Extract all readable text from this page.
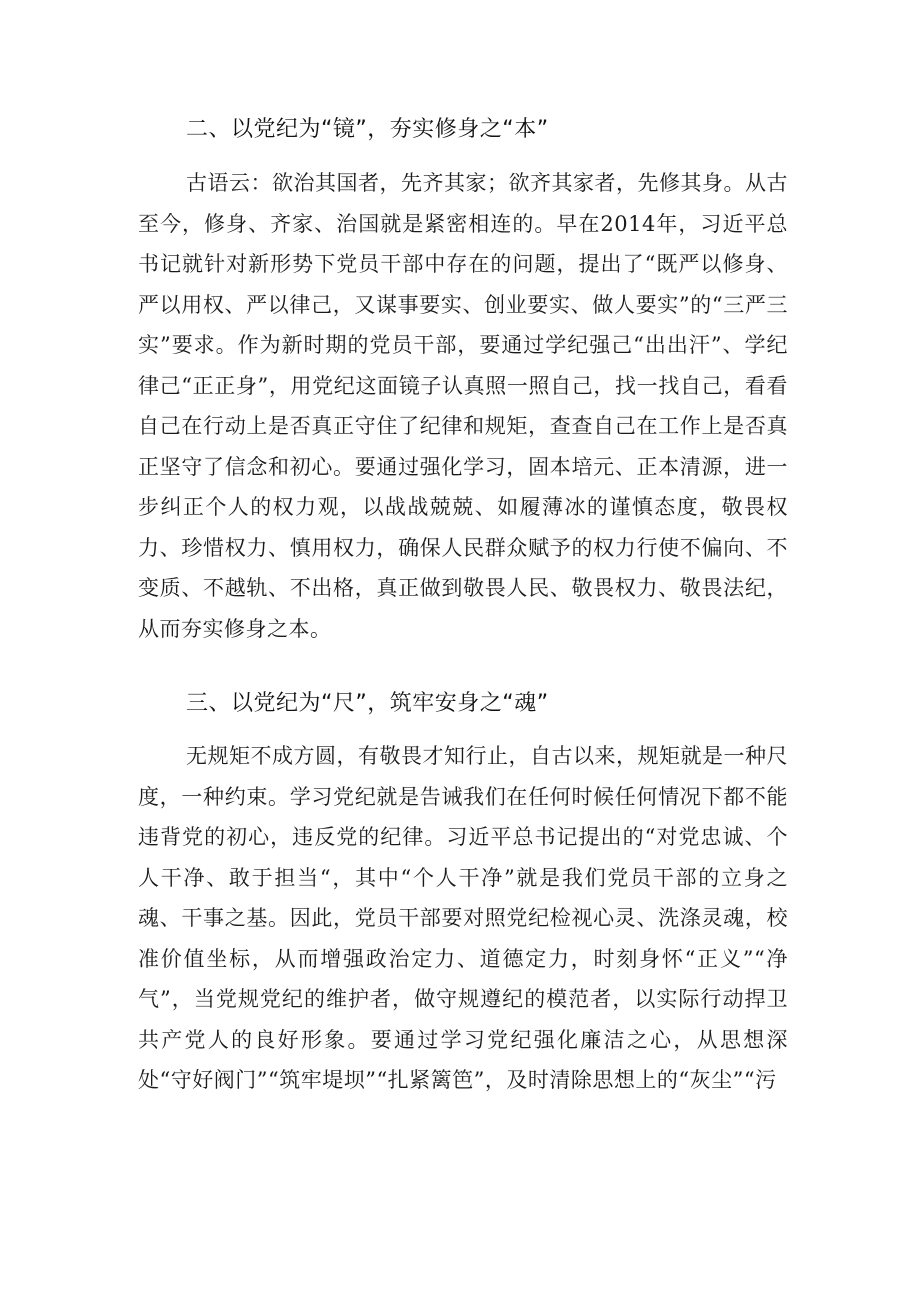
二、以党纪为“镜”，夯实修身之“本”

古语云：欲治其国者，先齐其家；欲齐其家者，先修其身。从古至今，修身、齐家、治国就是紧密相连的。早在2014年，习近平总书记就针对新形势下党员干部中存在的问题，提出了“既严以修身、严以用权、严以律己，又谋事要实、创业要实、做人要实”的“三严三实”要求。作为新时期的党员干部，要通过学纪强己“出出汗”、学纪律己“正正身”，用党纪这面镜子认真照一照自己，找一找自己，看看自己在行动上是否真正守住了纪律和规矩，查查自己在工作上是否真正坚守了信念和初心。要通过强化学习，固本培元、正本清源，进一步纠正个人的权力观，以战战兢兢、如履薄冰的谨慎态度，敬畏权力、珍惜权力、慎用权力，确保人民群众赋予的权力行使不偏向、不变质、不越轨、不出格，真正做到敬畏人民、敬畏权力、敬畏法纪，从而夯实修身之本。

三、以党纪为“尺”，筑牢安身之“魂”

无规矩不成方圆，有敬畏才知行止，自古以来，规矩就是一种尺度，一种约束。学习党纪就是告诫我们在任何时候任何情况下都不能违背党的初心，违反党的纪律。习近平总书记提出的“对党忠诚、个人干净、敢于担当“，其中“个人干净”就是我们党员干部的立身之魂、干事之基。因此，党员干部要对照党纪检视心灵、洗涤灵魂，校准价值坐标，从而增强政治定力、道德定力，时刻身怀“正义”“净气”，当党规党纪的维护者，做守规遵纪的模范者，以实际行动捍卫共产党人的良好形象。要通过学习党纪强化廉洁之心，从思想深处“守好阀门”“筑牢堤坝”“扎紧篱笆”，及时清除思想上的“灰尘”“污
